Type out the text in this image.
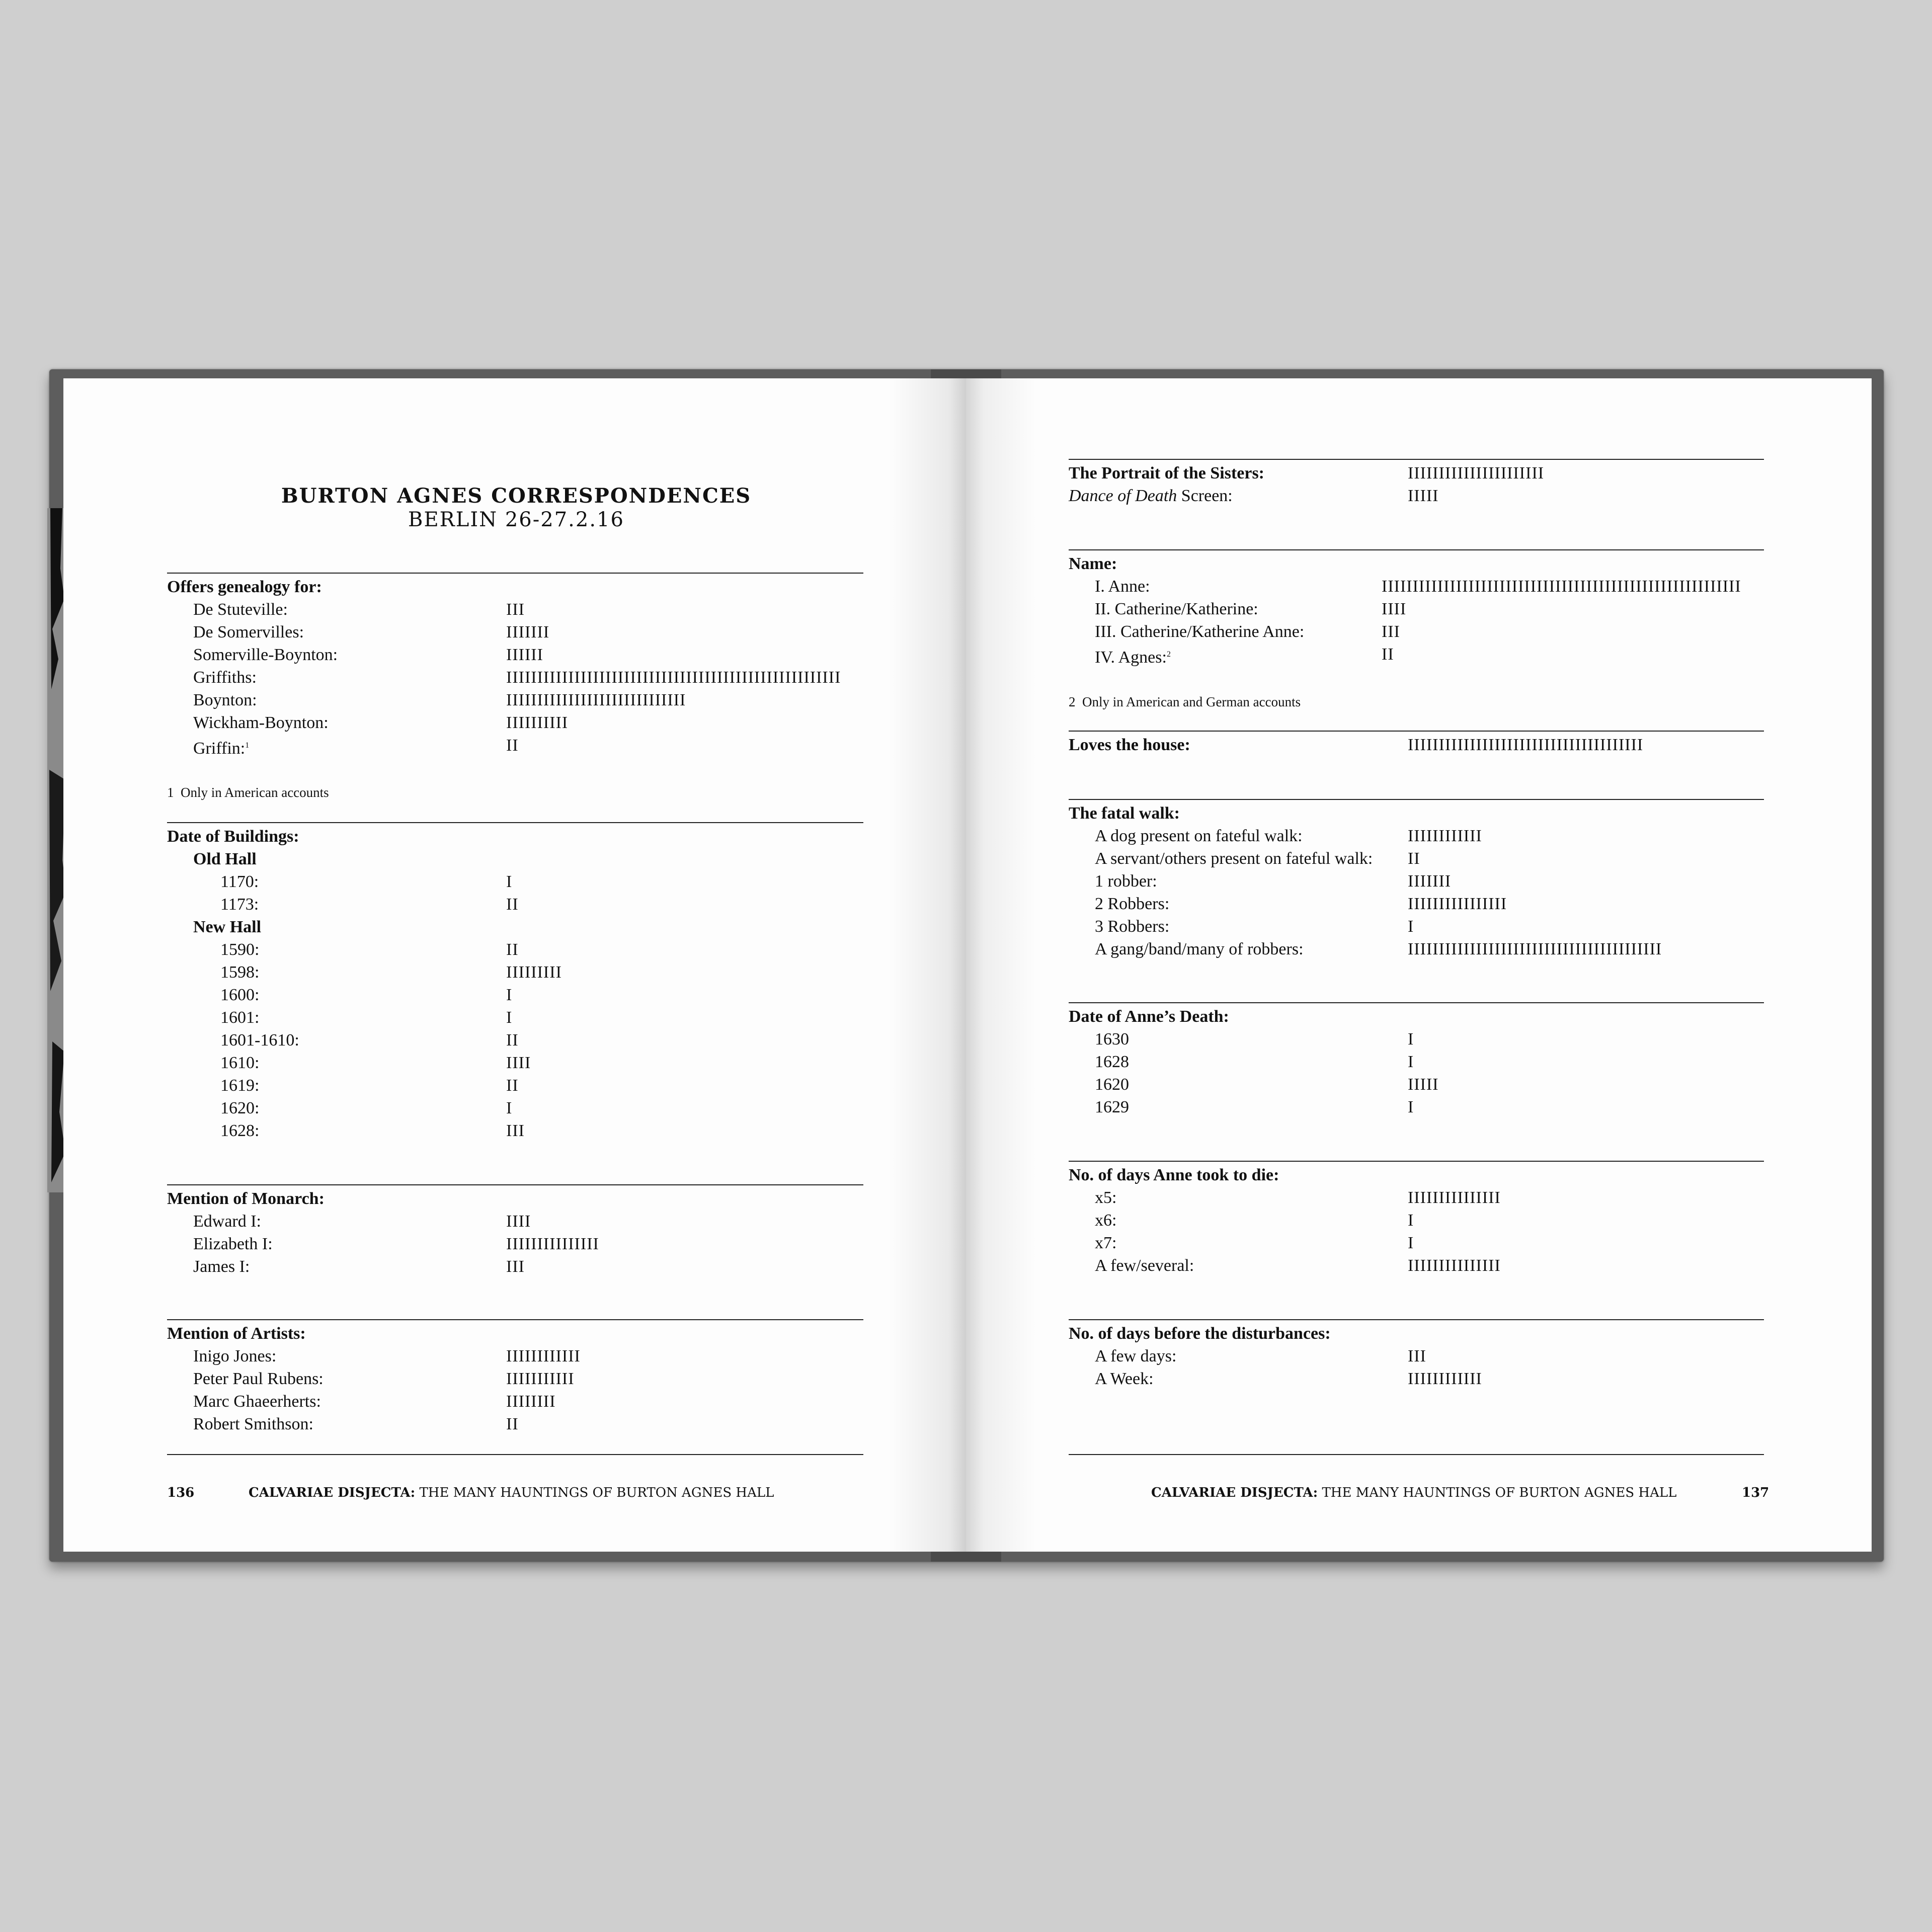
BURTON AGNES CORRESPONDENCES
BERLIN 26-27.2.16
Offers genealogy for:
De Stuteville:	III
De Somervilles:	IIIIIII
Somerville-Boynton:	IIIIII
Griffiths:	IIIIIIIIIIIIIIIIIIIIIIIIIIIIIIIIIIIIIIIIIIIIIIIIIIIIII
Boynton:	IIIIIIIIIIIIIIIIIIIIIIIIIIIII
Wickham-Boynton:	IIIIIIIIII
Griffin:$^1$	II
1 Only in American accounts
Date of Buildings:
Old Hall
1170:	I
1173:	II
New Hall
1590:	II
1598:	IIIIIIIII
1600:	I
1601:	I
1601-1610:	II
1610:	IIII
1619:	II
1620:	I
1628:	III
Mention of Monarch:
Edward I:	IIII
Elizabeth I:	IIIIIIIIIIIIIII
James I:	III
Mention of Artists:
Inigo Jones:	IIIIIIIIIIII
Peter Paul Rubens:	IIIIIIIIIII
Marc Ghaeerherts:	IIIIIIII
Robert Smithson:	II
136	CALVARIAE DISJECTA: THE MANY HAUNTINGS OF BURTON AGNES HALL
The Portrait of the Sisters:	IIIIIIIIIIIIIIIIIIIIII
Dance of Death Screen:	IIIII
Name:
I. Anne:	IIIIIIIIIIIIIIIIIIIIIIIIIIIIIIIIIIIIIIIIIIIIIIIIIIIIIIIIII
II. Catherine/Katherine:	IIII
III. Catherine/Katherine Anne:	III
IV. Agnes:$^2$	II
2 Only in American and German accounts
Loves the house:	IIIIIIIIIIIIIIIIIIIIIIIIIIIIIIIIIIIIII
The fatal walk:
A dog present on fateful walk:	IIIIIIIIIIII
A servant/others present on fateful walk: II
1 robber:	IIIIIII
2 Robbers:	IIIIIIIIIIIIIIII
3 Robbers:	I
A gang/band/many of robbers:	IIIIIIIIIIIIIIIIIIIIIIIIIIIIIIIIIIIIIIIII
Date of Anne’s Death:
1630	I
1628	I
1620	IIIII
1629	I
No. of days Anne took to die:
x5:	IIIIIIIIIIIIIII
x6:	I
x7:	I
A few/several:	IIIIIIIIIIIIIII
No. of days before the disturbances:
A few days:	III
A Week:	IIIIIIIIIIII
CALVARIAE DISJECTA: THE MANY HAUNTINGS OF BURTON AGNES HALL	137
